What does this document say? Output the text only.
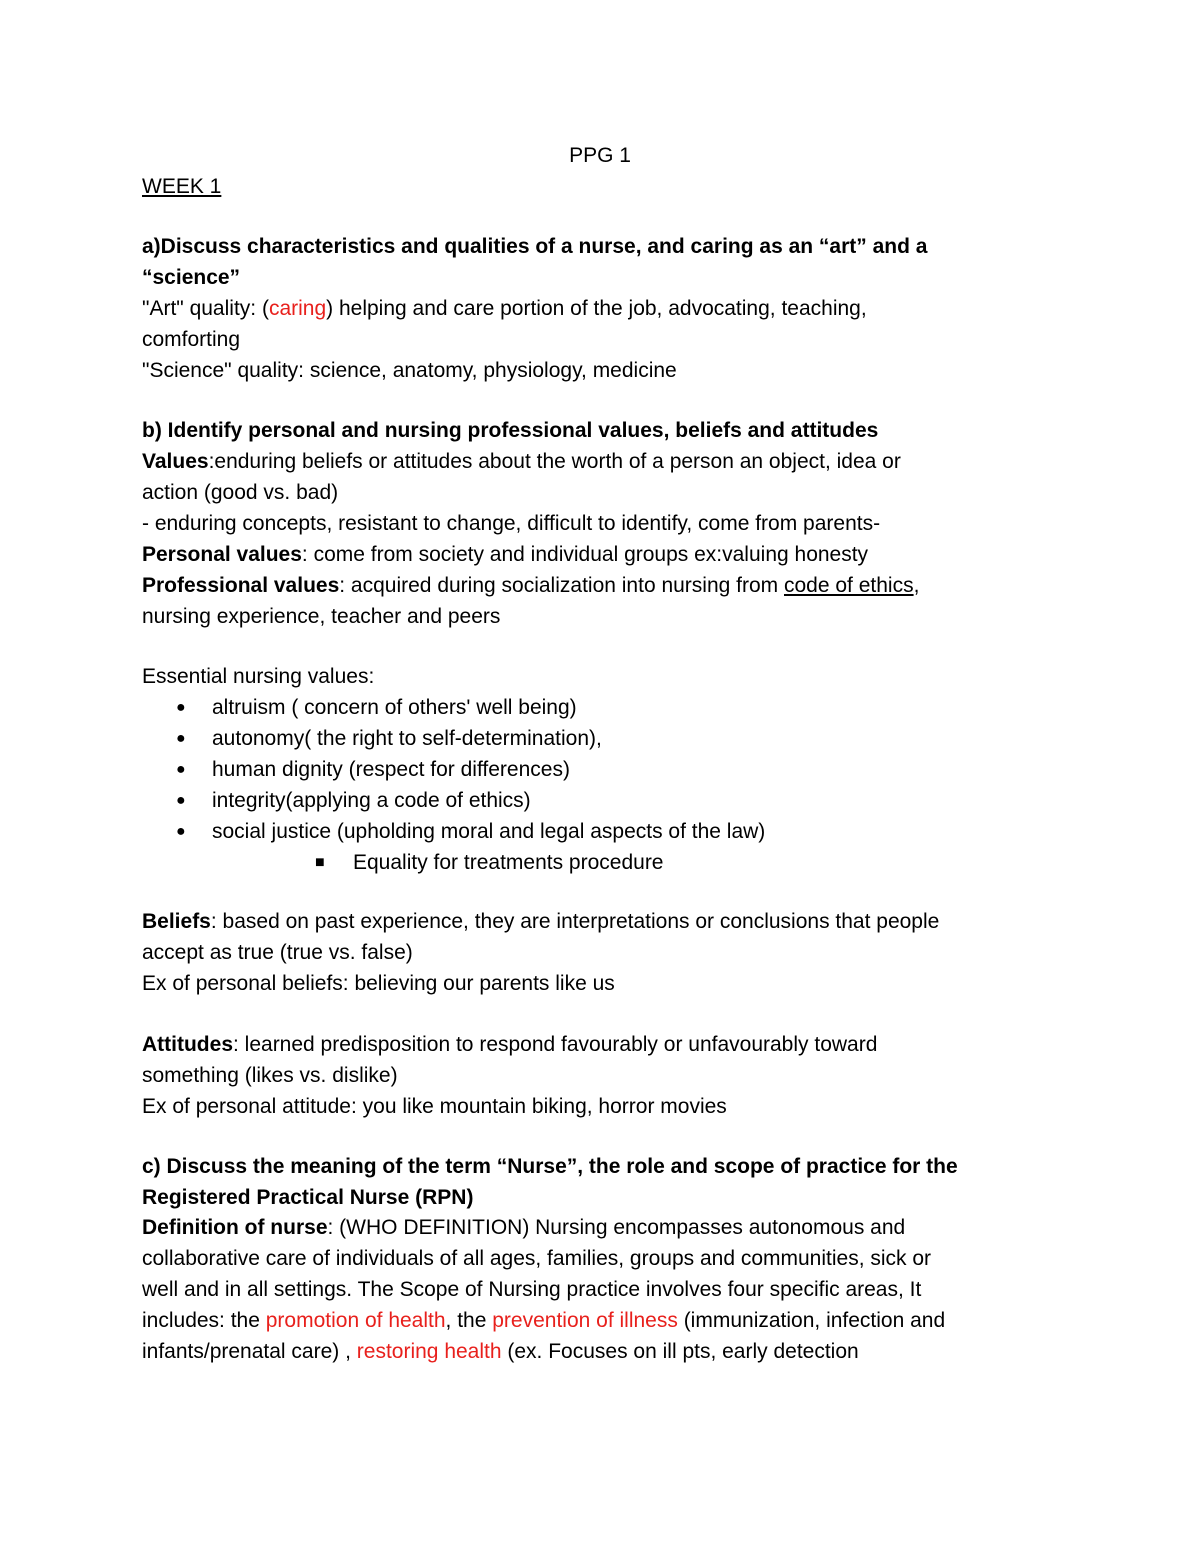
PPG 1
WEEK 1
a)Discuss characteristics and qualities of a nurse, and caring as an “art” and a
“science”
"Art" quality: (caring) helping and care portion of the job, advocating, teaching,
comforting
"Science" quality: science, anatomy, physiology, medicine
b) Identify personal and nursing professional values, beliefs and attitudes
Values:enduring beliefs or attitudes about the worth of a person an object, idea or
action (good vs. bad)
- enduring concepts, resistant to change, difficult to identify, come from parents-
Personal values: come from society and individual groups ex:valuing honesty
Professional values: acquired during socialization into nursing from code of ethics,
nursing experience, teacher and peers
Essential nursing values:
● altruism ( concern of others' well being)
● autonomy( the right to self-determination),
● human dignity (respect for differences)
● integrity(applying a code of ethics)
● social justice (upholding moral and legal aspects of the law)
■ Equality for treatments procedure
Beliefs: based on past experience, they are interpretations or conclusions that people
accept as true (true vs. false)
Ex of personal beliefs: believing our parents like us
Attitudes: learned predisposition to respond favourably or unfavourably toward
something (likes vs. dislike)
Ex of personal attitude: you like mountain biking, horror movies
c) Discuss the meaning of the term “Nurse”, the role and scope of practice for the
Registered Practical Nurse (RPN)
Definition of nurse: (WHO DEFINITION) Nursing encompasses autonomous and
collaborative care of individuals of all ages, families, groups and communities, sick or
well and in all settings. The Scope of Nursing practice involves four specific areas, It
includes: the promotion of health, the prevention of illness (immunization, infection and
infants/prenatal care) , restoring health (ex. Focuses on ill pts, early detection
